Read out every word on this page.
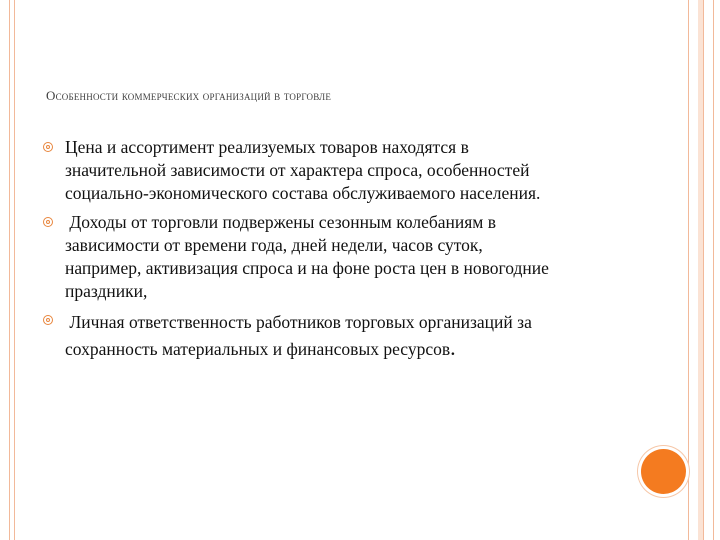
Особенности коммерческих организаций в торговле
Цена и ассортимент реализуемых товаров находятся в
значительной зависимости от характера спроса, особенностей
социально-экономического состава обслуживаемого населения.
Доходы от торговли подвержены сезонным колебаниям в
зависимости от времени года, дней недели, часов суток,
например, активизация спроса и на фоне роста цен в новогодние
праздники,
Личная ответственность работников торговых организаций за
сохранность материальных и финансовых ресурсов.
